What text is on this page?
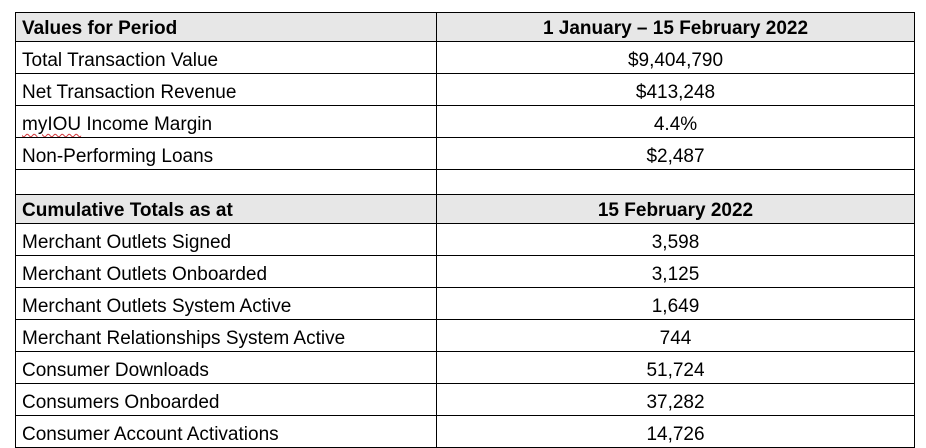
Values for Period	1 January – 15 February 2022
Total Transaction Value	$9,404,790
Net Transaction Revenue	$413,248
myIOU Income Margin	4.4%
Non-Performing Loans	$2,487

Cumulative Totals as at	15 February 2022
Merchant Outlets Signed	3,598
Merchant Outlets Onboarded	3,125
Merchant Outlets System Active	1,649
Merchant Relationships System Active	744
Consumer Downloads	51,724
Consumers Onboarded	37,282
Consumer Account Activations	14,726
